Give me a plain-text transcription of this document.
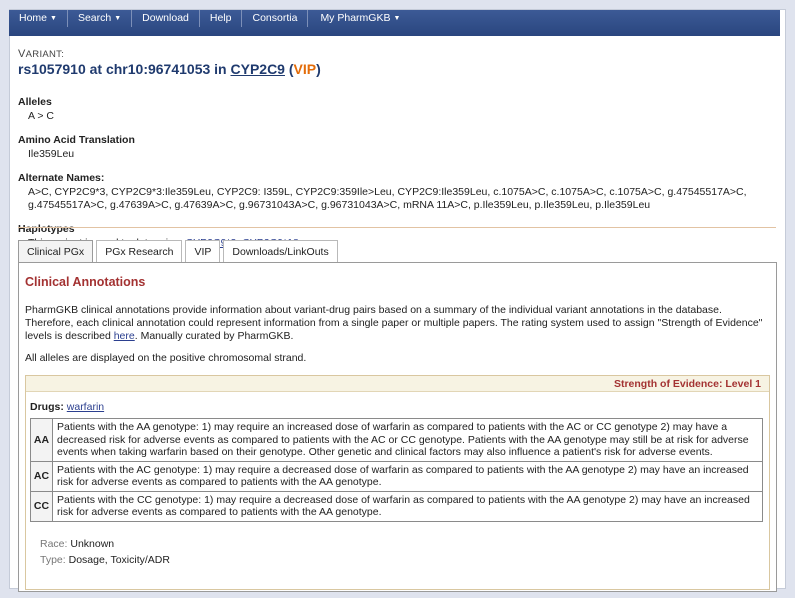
Home ▼	Search ▼	Download	Help	Consortia	My PharmGKB ▼
VARIANT:
rs1057910 at chr10:96741053 in CYP2C9 (VIP)
Alleles
A > C
Amino Acid Translation
Ile359Leu
Alternate Names:
A>C, CYP2C9*3, CYP2C9*3:Ile359Leu, CYP2C9: I359L, CYP2C9:359Ile>Leu, CYP2C9:Ile359Leu, c.1075A>C, c.1075A>C, c.1075A>C, g.47545517A>C, g.47545517A>C, g.47639A>C, g.47639A>C, g.96731043A>C, g.96731043A>C, mRNA 11A>C, p.Ile359Leu, p.Ile359Leu, p.Ile359Leu
Haplotypes
Clinical PGx	PGx Research	VIP	Downloads/LinkOuts
Clinical Annotations
PharmGKB clinical annotations provide information about variant-drug pairs based on a summary of the individual variant annotations in the database. Therefore, each clinical annotation could represent information from a single paper or multiple papers. The rating system used to assign "Strength of Evidence" levels is described here. Manually curated by PharmGKB.
All alleles are displayed on the positive chromosomal strand.
Strength of Evidence: Level 1
Drugs: warfarin
AA	Patients with the AA genotype: 1) may require an increased dose of warfarin as compared to patients with the AC or CC genotype 2) may have a decreased risk for adverse events as compared to patients with the AC or CC genotype. Patients with the AA genotype may still be at risk for adverse events when taking warfarin based on their genotype. Other genetic and clinical factors may also influence a patient's risk for adverse events.
AC	Patients with the AC genotype: 1) may require a decreased dose of warfarin as compared to patients with the AA genotype 2) may have an increased risk for adverse events as compared to patients with the AA genotype.
CC	Patients with the CC genotype: 1) may require a decreased dose of warfarin as compared to patients with the AA genotype 2) may have an increased risk for adverse events as compared to patients with the AA genotype.
Race: Unknown
Type: Dosage, Toxicity/ADR
